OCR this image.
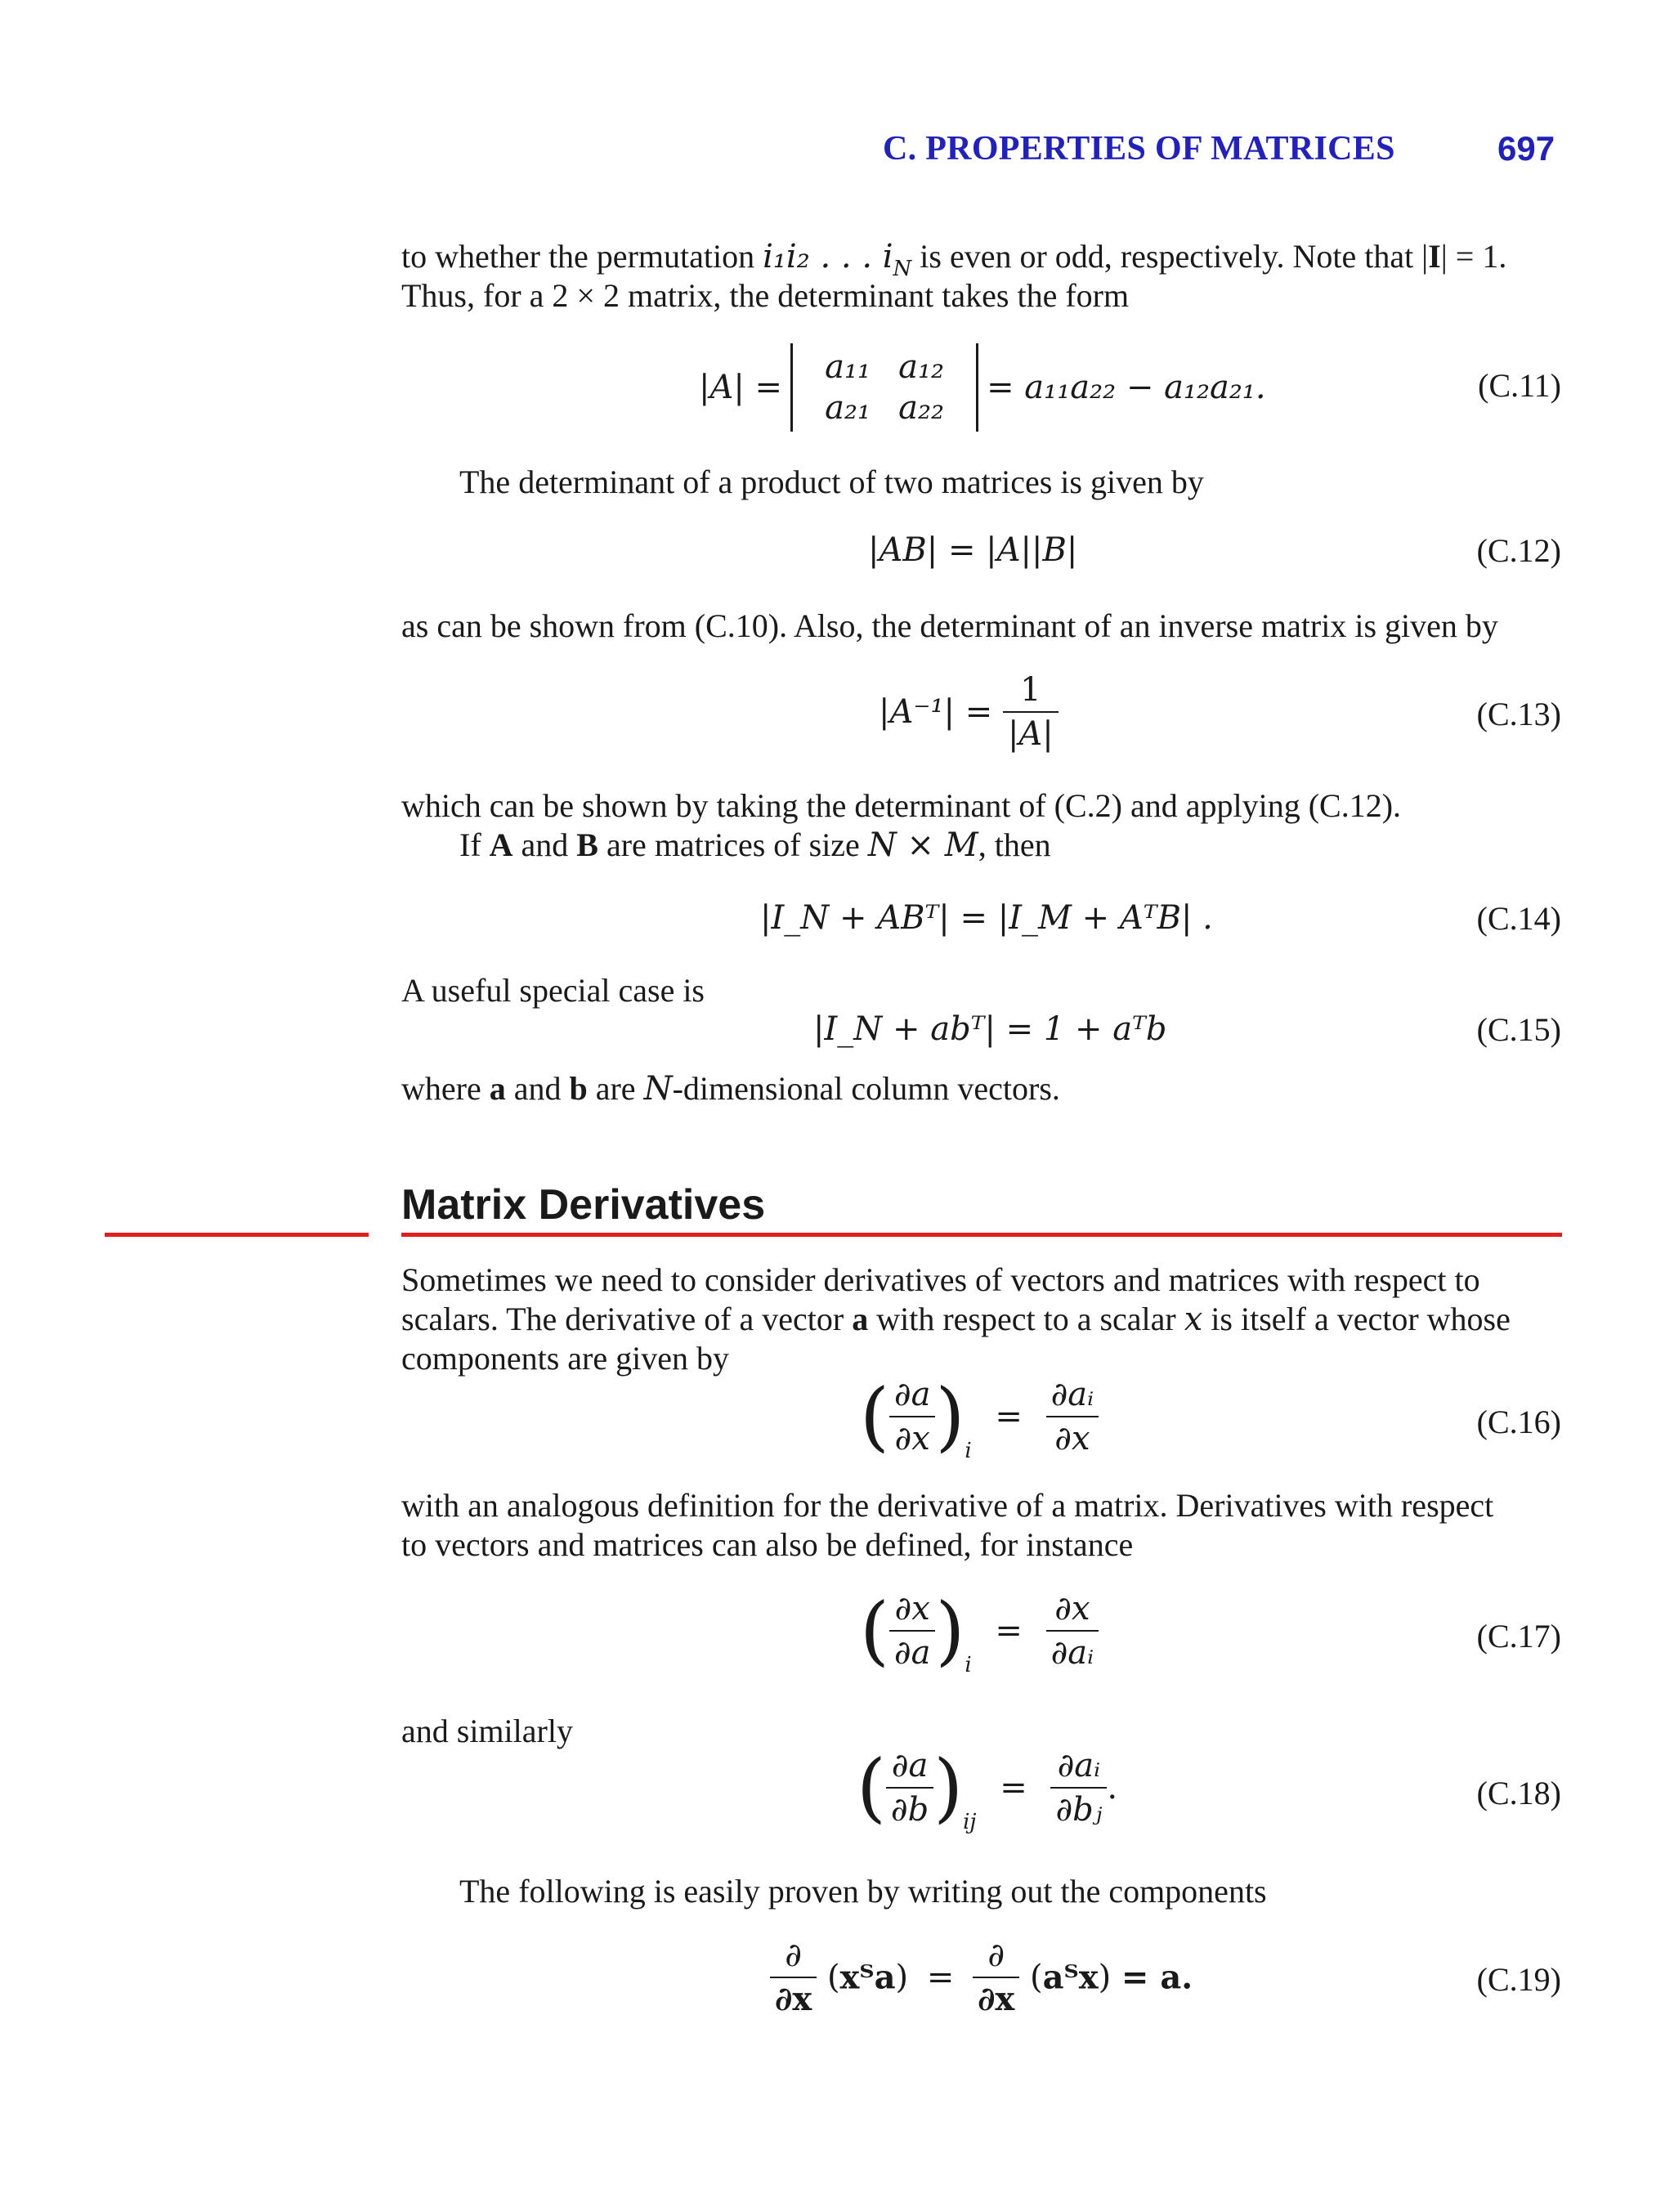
C. PROPERTIES OF MATRICES	697
to whether the permutation i₁i₂ . . . $i_N$ is even or odd, respectively. Note that |I| = 1.
Thus, for a 2 × 2 matrix, the determinant takes the form
|A| = a₁₁ a₁₂
a₂₁ a₂₂ = a₁₁a₂₂ − a₁₂a₂₁.	(C.11)
The determinant of a product of two matrices is given by
|AB| = |A||B|	(C.12)
as can be shown from (C.10). Also, the determinant of an inverse matrix is given by
$|A^{-1}| = \frac{1}{|A|}$	(C.13)
which can be shown by taking the determinant of (C.2) and applying (C.12).
If A and B are matrices of size N × M, then
|I_N + ABᵀ| = |I_M + AᵀB| .	(C.14)
A useful special case is
|I_N + abᵀ| = 1 + aᵀb	(C.15)
where a and b are N-dimensional column vectors.
Matrix Derivatives
Sometimes we need to consider derivatives of vectors and matrices with respect to
scalars. The derivative of a vector a with respect to a scalar x is itself a vector whose
components are given by
( $\frac{\partial a}{\partial x} )_i = \frac{\text{∂aᵢ}}{\partial x}$	(C.16)
with an analogous definition for the derivative of a matrix. Derivatives with respect
to vectors and matrices can also be defined, for instance
( $\frac{\partial x}{\partial a} )_i = \frac{\partial x}{\text{∂aᵢ}}$	(C.17)
and similarly
( $\frac{\partial a}{\partial b} )_{ij} = \frac{\text{∂aᵢ}}{\text{∂bⱼ}}$ .	(C.18)
The following is easily proven by writing out the components
$\frac{\partial}{\partial x}$ (xᵀa) = $\frac{\partial}{\partial x}$ (aᵀx) = a.	(C.19)
